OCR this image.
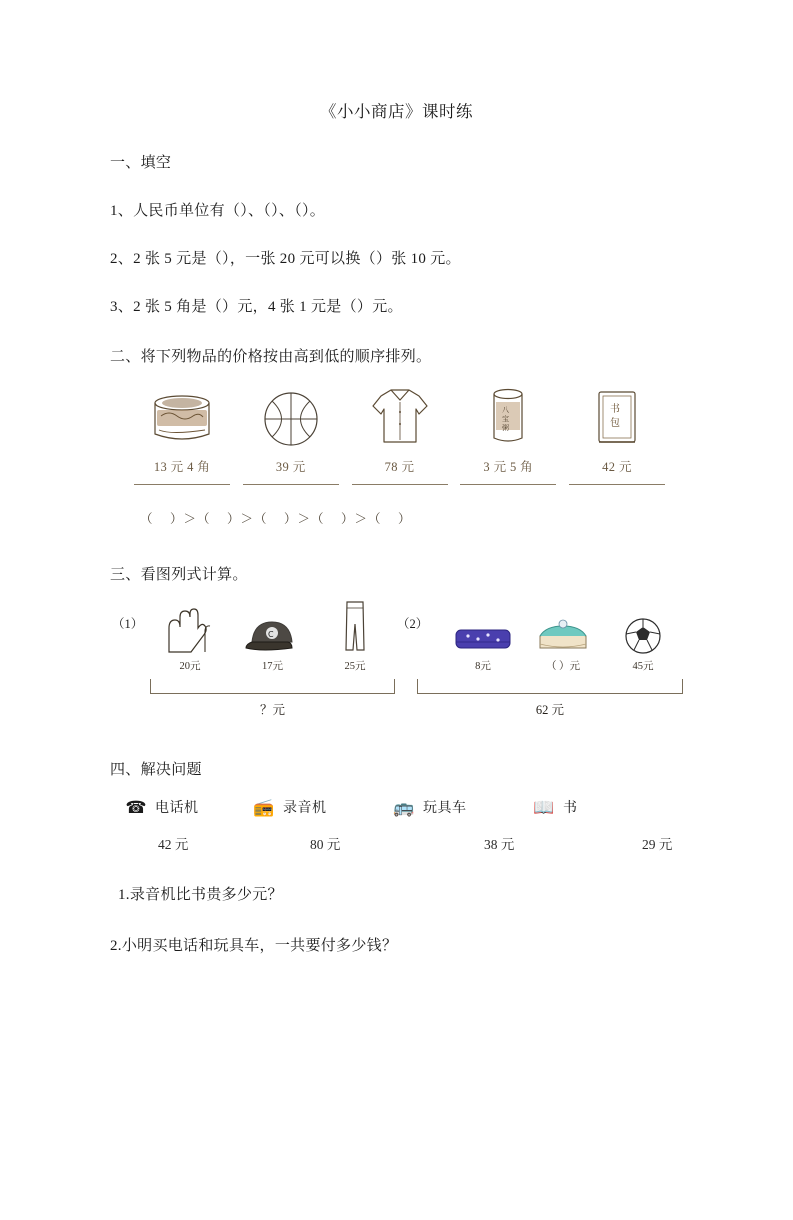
《小小商店》课时练
一、填空
1、人民币单位有（）、（）、（）。
2、2 张 5 元是（），一张 20 元可以换（）张 10 元。
3、2 张 5 角是（）元，4 张 1 元是（）元。
二、将下列物品的价格按由高到低的顺序排列。
13 元 4 角	39 元	78 元
八
宝
粥
3 元 5 角
书
包
42 元
（    ）＞（    ）＞（    ）＞（    ）＞（    ）
三、看图列式计算。
（1）
20元
C
17元	25元
？元
（2）
8元	（ ）元	45元
62 元
四、解决问题
☎ 电话机	📻 录音机	🚌 玩具车	📖 书
42 元	80 元	38 元	29 元
1.录音机比书贵多少元？
2.小明买电话和玩具车，一共要付多少钱？
